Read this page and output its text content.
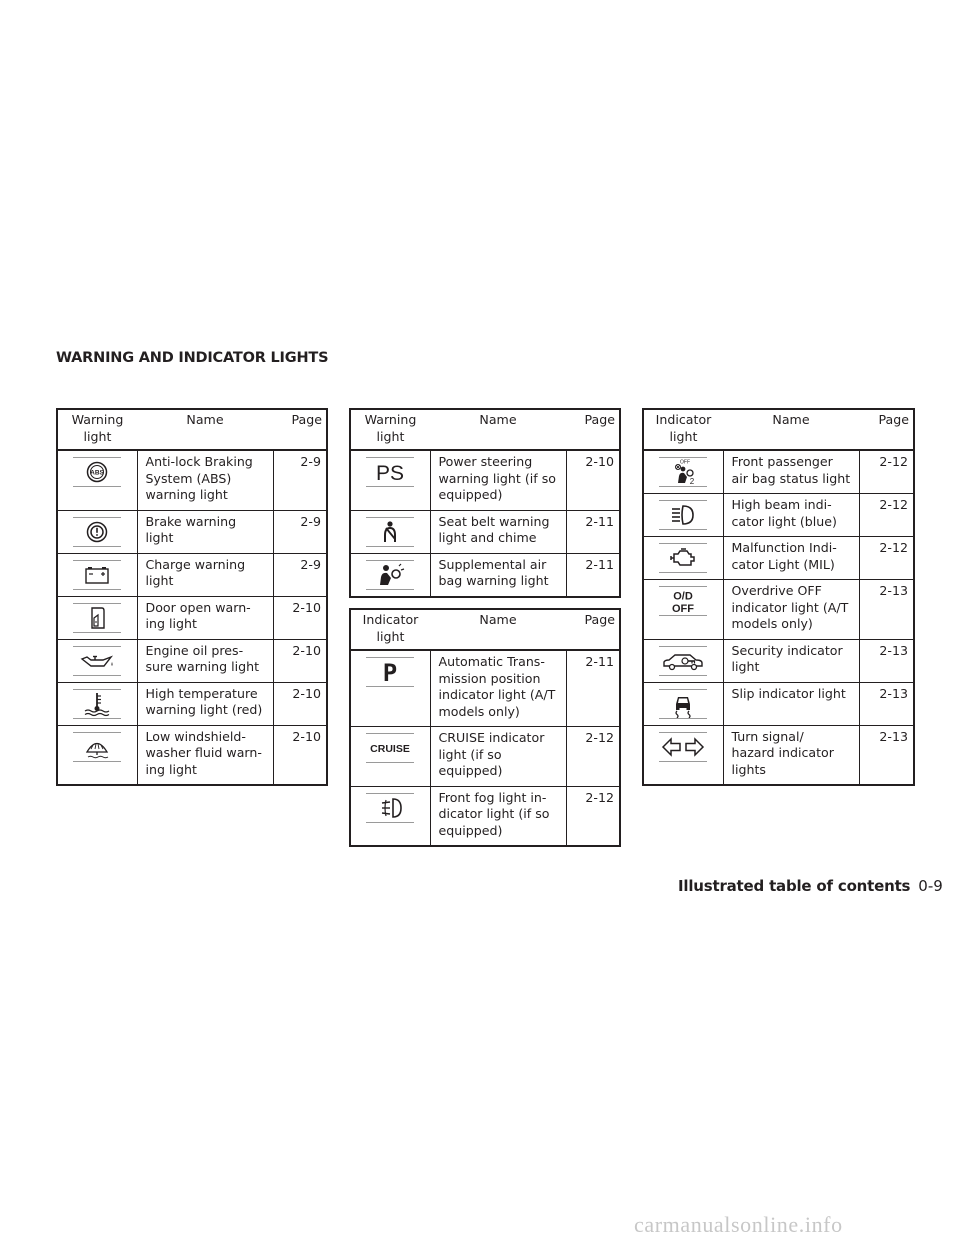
WARNING AND INDICATOR LIGHTS
Warning light	Name	Page

ABS	Anti-lock Braking System (ABS) warning light	2-9

	Brake warning light	2-9

	Charge warning light	2-9

	Door open warn- ing light	2-10

	Engine oil pres- sure warning light	2-10

	High temperature warning light (red)	2-10

	Low windshield- washer fluid warn- ing light	2-10
Warning light	Name	Page

PS	Power steering warning light (if so equipped)	2-10

	Seat belt warning light and chime	2-11

	Supplemental air bag warning light	2-11
Indicator light	Name	Page

P	Automatic Trans- mission position indicator light (A/T models only)	2-11

CRUISE	CRUISE indicator light (if so equipped)	2-12

	Front fog light in- dicator light (if so equipped)	2-12
Indicator light	Name	Page

OFF
2	Front passenger air bag status light	2-12

	High beam indi- cator light (blue)	2-12

	Malfunction Indi- cator Light (MIL)	2-12

O/D
OFF	Overdrive OFF indicator light (A/T models only)	2-13

	Security indicator light	2-13

	Slip indicator light	2-13

	Turn signal/ hazard indicator lights	2-13

Illustrated table of contents 0-9

carmanualsonline.info
